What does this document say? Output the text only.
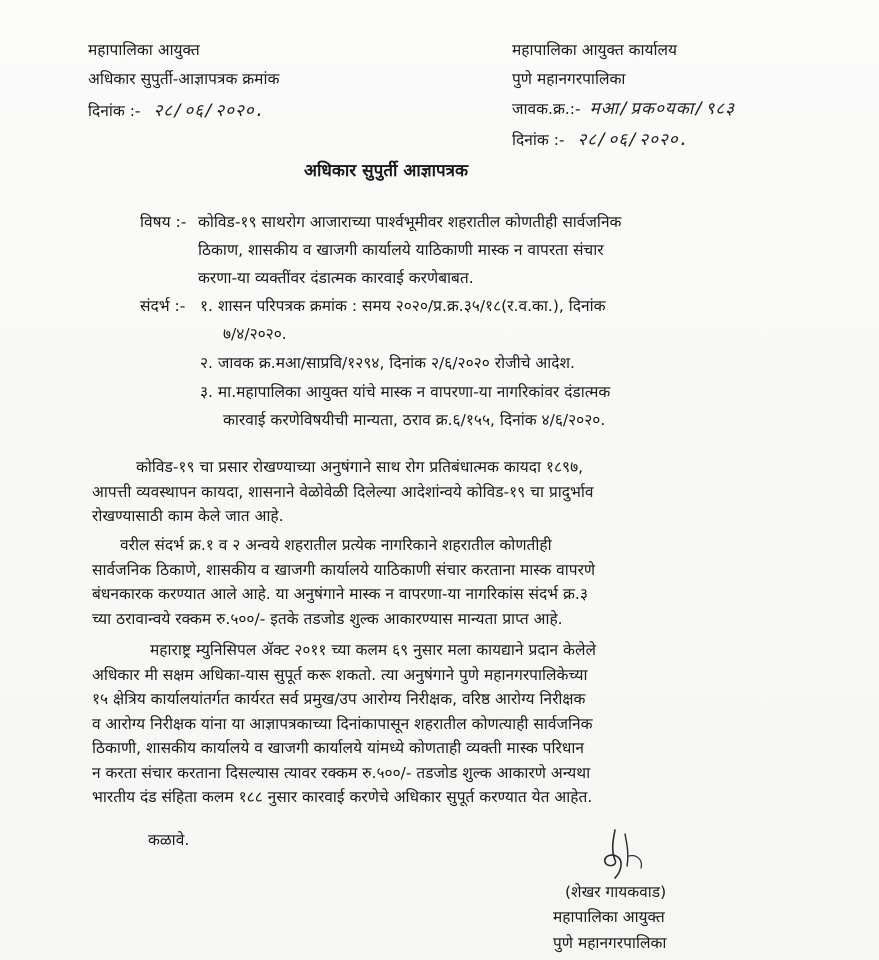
महापालिका आयुक्त
अधिकार सुपुर्ती-आज्ञापत्रक क्रमांक
दिनांक :- २८/०६/२०२०.
महापालिका आयुक्त कार्यालय
पुणे महानगरपालिका
जावक.क्र.:- मआ/प्रक०यका/९८३
दिनांक :- २८/०६/२०२०.
अधिकार सुपुर्ती आज्ञापत्रक
विषय :- कोविड-१९ साथरोग आजाराच्या पार्श्वभूमीवर शहरातील कोणतीही सार्वजनिक
ठिकाण, शासकीय व खाजगी कार्यालये याठिकाणी मास्क न वापरता संचार
करणा-या व्यक्तींवर दंडात्मक कारवाई करणेबाबत.
संदर्भ :- १. शासन परिपत्रक क्रमांक : समय २०२०/प्र.क्र.३५/१८(र.व.का.), दिनांक
७/४/२०२०.
२. जावक क्र.मआ/साप्रवि/१२९४, दिनांक २/६/२०२० रोजीचे आदेश.
३. मा.महापालिका आयुक्त यांचे मास्क न वापरणा-या नागरिकांवर दंडात्मक
कारवाई करणेविषयीची मान्यता, ठराव क्र.६/१५५, दिनांक ४/६/२०२०.
कोविड-१९ चा प्रसार रोखण्याच्या अनुषंगाने साथ रोग प्रतिबंधात्मक कायदा १८९७,
आपत्ती व्यवस्थापन कायदा, शासनाने वेळोवेळी दिलेल्या आदेशांन्वये कोविड-१९ चा प्रादुर्भाव
रोखण्यासाठी काम केले जात आहे.
वरील संदर्भ क्र.१ व २ अन्वये शहरातील प्रत्येक नागरिकाने शहरातील कोणतीही
सार्वजनिक ठिकाणे, शासकीय व खाजगी कार्यालये याठिकाणी संचार करताना मास्क वापरणे
बंधनकारक करण्यात आले आहे. या अनुषंगाने मास्क न वापरणा-या नागरिकांस संदर्भ क्र.३
च्या ठरावान्वये रक्कम रु.५००/- इतके तडजोड शुल्क आकारण्यास मान्यता प्राप्त आहे.
महाराष्ट्र म्युनिसिपल ॲक्ट २०११ च्या कलम ६९ नुसार मला कायद्याने प्रदान केलेले
अधिकार मी सक्षम अधिका-यास सुपूर्त करू शकतो. त्या अनुषंगाने पुणे महानगरपालिकेच्या
१५ क्षेत्रिय कार्यालयांतर्गत कार्यरत सर्व प्रमुख/उप आरोग्य निरीक्षक, वरिष्ठ आरोग्य निरीक्षक
व आरोग्य निरीक्षक यांना या आज्ञापत्रकाच्या दिनांकापासून शहरातील कोणत्याही सार्वजनिक
ठिकाणी, शासकीय कार्यालये व खाजगी कार्यालये यांमध्ये कोणताही व्यक्ती मास्क परिधान
न करता संचार करताना दिसल्यास त्यावर रक्कम रु.५००/- तडजोड शुल्क आकारणे अन्यथा
भारतीय दंड संहिता कलम १८८ नुसार कारवाई करणेचे अधिकार सुपूर्त करण्यात येत आहेत.
कळावे.
(शेखर गायकवाड)
महापालिका आयुक्त
पुणे महानगरपालिका
